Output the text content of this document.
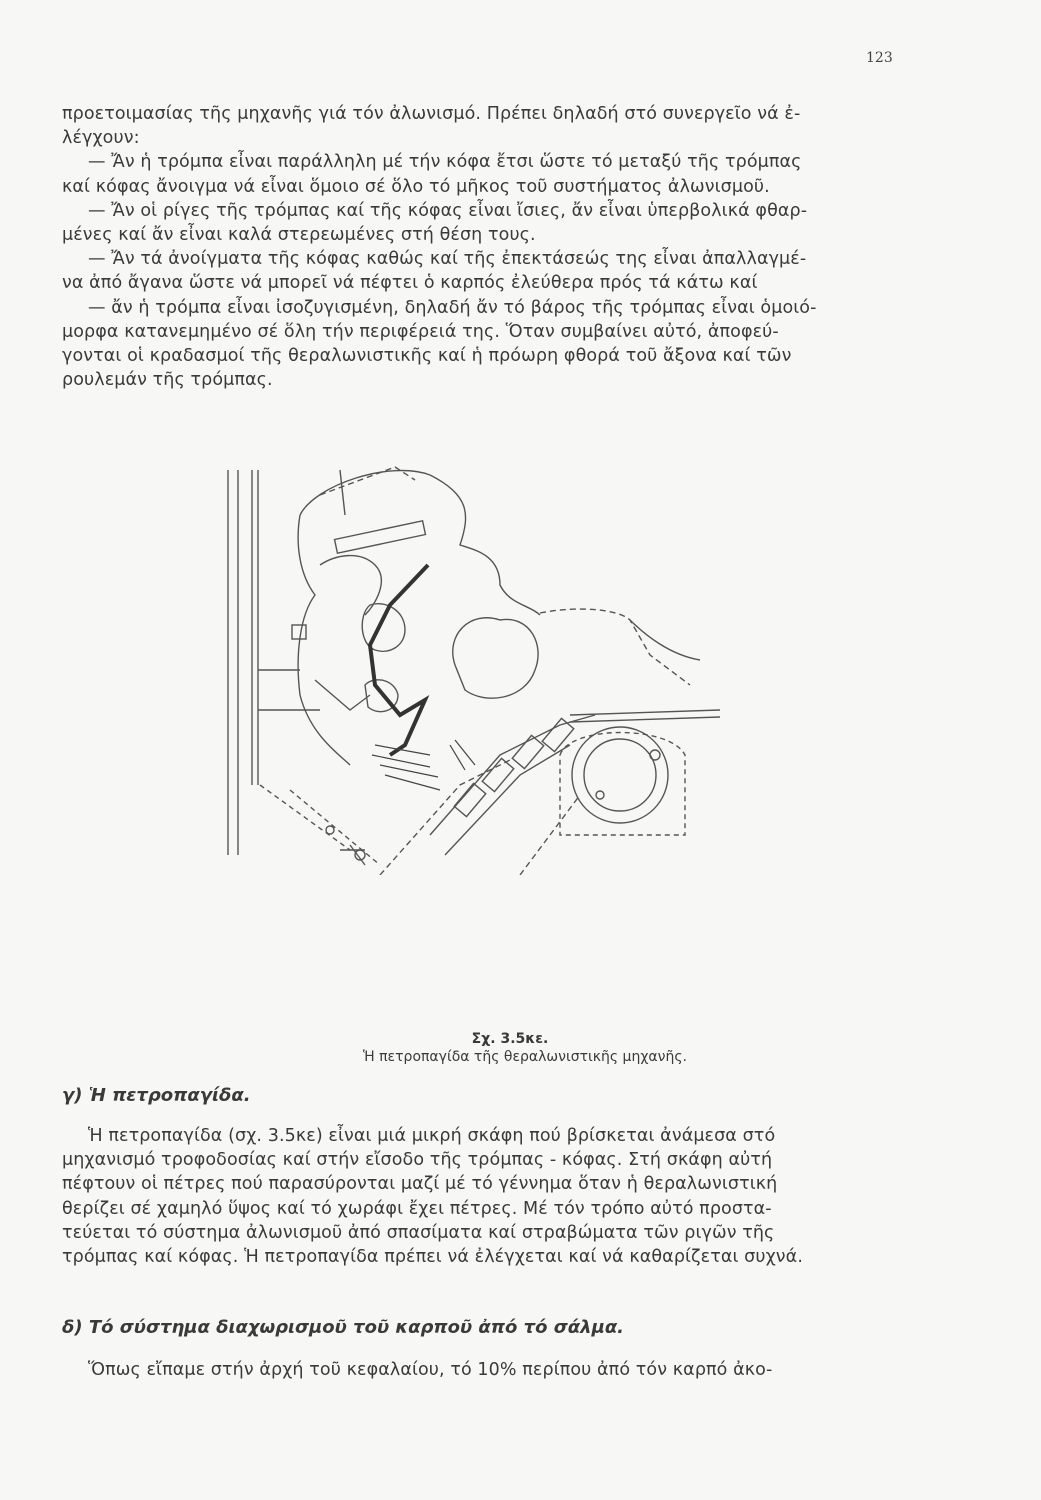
123

προετοιμασίας τῆς μηχανῆς γιά τόν ἀλωνισμό. Πρέπει δηλαδή στό συνεργεῖο νά ἐ-

λέγχουν:

— Ἄν ἡ τρόμπα εἶναι παράλληλη μέ τήν κόφα ἔτσι ὥστε τό μεταξύ τῆς τρόμπας

καί κόφας ἄνοιγμα νά εἶναι ὅμοιο σέ ὅλο τό μῆκος τοῦ συστήματος ἀλωνισμοῦ.

— Ἄν οἱ ρίγες τῆς τρόμπας καί τῆς κόφας εἶναι ἴσιες, ἄν εἶναι ὑπερβολικά φθαρ-

μένες καί ἄν εἶναι καλά στερεωμένες στή θέση τους.

— Ἄν τά ἀνοίγματα τῆς κόφας καθώς καί τῆς ἐπεκτάσεώς της εἶναι ἀπαλλαγμέ-

να ἀπό ἄγανα ὥστε νά μπορεῖ νά πέφτει ὁ καρπός ἐλεύθερα πρός τά κάτω καί

— ἄν ἡ τρόμπα εἶναι ἰσοζυγισμένη, δηλαδή ἄν τό βάρος τῆς τρόμπας εἶναι ὁμοιό-

μορφα κατανεμημένο σέ ὅλη τήν περιφέρειά της. Ὅταν συμβαίνει αὐτό, ἀποφεύ-

γονται οἱ κραδασμοί τῆς θεραλωνιστικῆς καί ἡ πρόωρη φθορά τοῦ ἄξονα καί τῶν

ρουλεμάν τῆς τρόμπας.

Σχ. 3.5κε.
Ἡ πετροπαγίδα τῆς θεραλωνιστικῆς μηχανῆς.
γ) Ἡ πετροπαγίδα.

Ἡ πετροπαγίδα (σχ. 3.5κε) εἶναι μιά μικρή σκάφη πού βρίσκεται ἀνάμεσα στό

μηχανισμό τροφοδοσίας καί στήν εἴσοδο τῆς τρόμπας - κόφας. Στή σκάφη αὐτή

πέφτουν οἱ πέτρες πού παρασύρονται μαζί μέ τό γέννημα ὅταν ἡ θεραλωνιστική

θερίζει σέ χαμηλό ὕψος καί τό χωράφι ἔχει πέτρες. Μέ τόν τρόπο αὐτό προστα-

τεύεται τό σύστημα ἀλωνισμοῦ ἀπό σπασίματα καί στραβώματα τῶν ριγῶν τῆς

τρόμπας καί κόφας. Ἡ πετροπαγίδα πρέπει νά ἐλέγχεται καί νά καθαρίζεται συχνά.

δ) Τό σύστημα διαχωρισμοῦ τοῦ καρποῦ ἀπό τό σάλμα.

Ὅπως εἴπαμε στήν ἀρχή τοῦ κεφαλαίου, τό 10% περίπου ἀπό τόν καρπό ἀκο-
